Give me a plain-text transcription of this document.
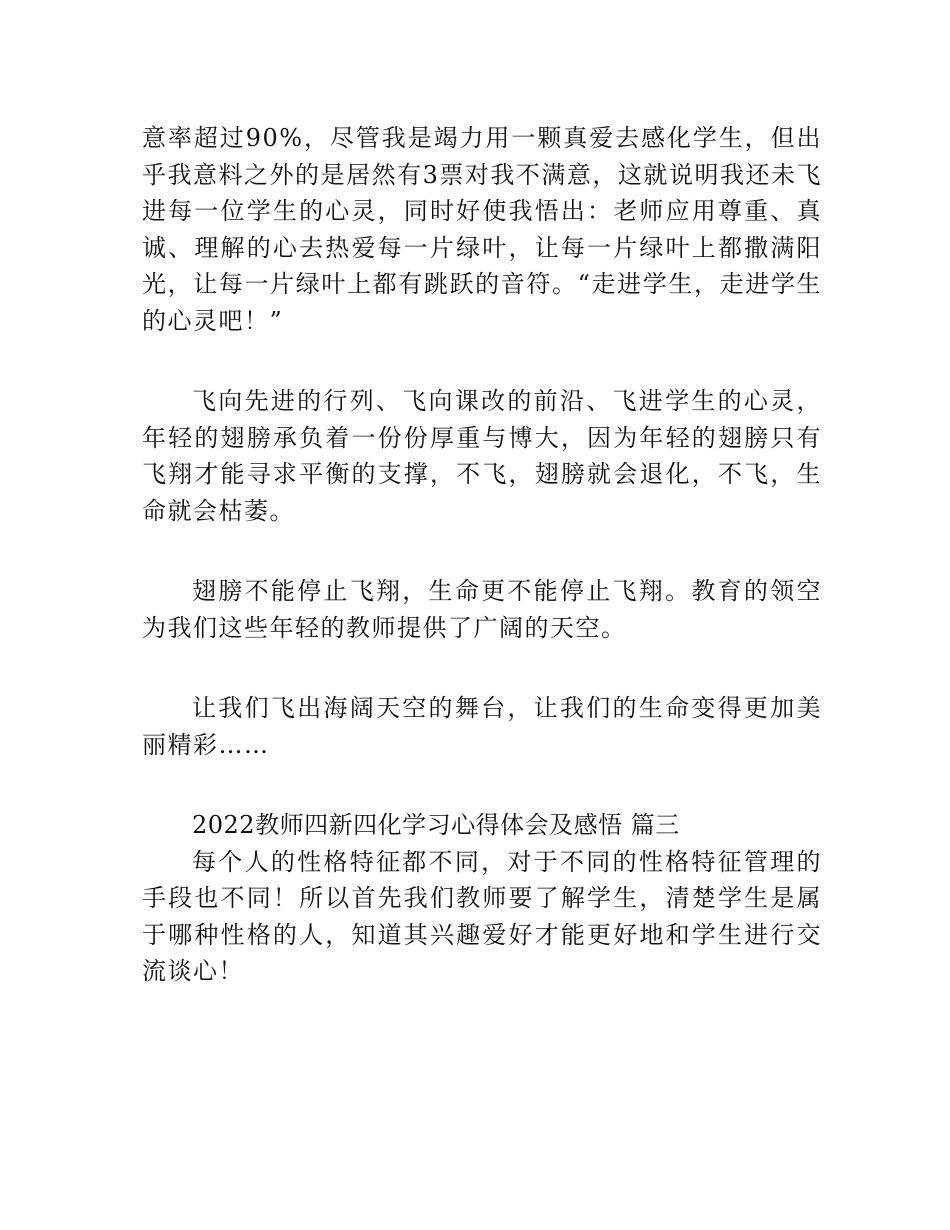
意率超过90%，尽管我是竭力用一颗真爱去感化学生，但出乎我意料之外的是居然有3票对我不满意，这就说明我还未飞进每一位学生的心灵，同时好使我悟出：老师应用尊重、真诚、理解的心去热爱每一片绿叶，让每一片绿叶上都撒满阳光，让每一片绿叶上都有跳跃的音符。“走进学生，走进学生的心灵吧！”

飞向先进的行列、飞向课改的前沿、飞进学生的心灵，年轻的翅膀承负着一份份厚重与博大，因为年轻的翅膀只有飞翔才能寻求平衡的支撑，不飞，翅膀就会退化，不飞，生命就会枯萎。

翅膀不能停止飞翔，生命更不能停止飞翔。教育的领空为我们这些年轻的教师提供了广阔的天空。

让我们飞出海阔天空的舞台，让我们的生命变得更加美丽精彩……

2022教师四新四化学习心得体会及感悟 篇三

每个人的性格特征都不同，对于不同的性格特征管理的手段也不同！所以首先我们教师要了解学生，清楚学生是属于哪种性格的人，知道其兴趣爱好才能更好地和学生进行交流谈心！
